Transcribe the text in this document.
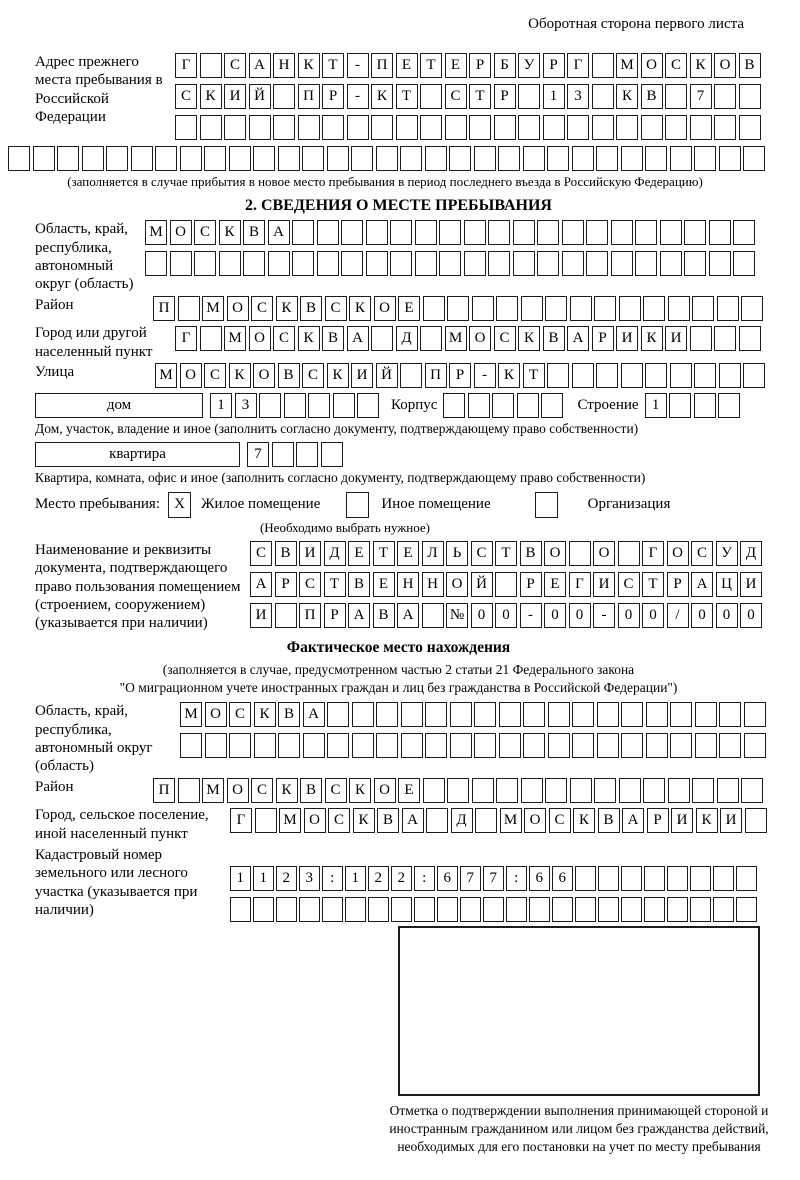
Оборотная сторона первого листа
Адрес прежнего места пребывания в Российской Федерации
Г	С А Н К Т	-	П Е	Т	Е	Р	Б У	Р	Г	М О С К О В
С К И Й	П Р	-	К Т	С Т	Р	1	3	К В	7
(заполняется в случае прибытия в новое место пребывания в период последнего въезда в Российскую Федерацию)
2. СВЕДЕНИЯ О МЕСТЕ ПРЕБЫВАНИЯ
Область, край, республика, автономный округ (область)
М О С К В А
Район	П	М О С К В С К О Е
Город или другой населенный пункт
Г	М О С К В А	Д	М О С К В А Р И К И
Улица	М О С К О В С К И Й	П Р	-	К Т
дом	1	3	Корпус	Строение 1
Дом, участок, владение и иное (заполнить согласно документу, подтверждающему право собственности)
квартира	7
Квартира, комната, офис и иное (заполнить согласно документу, подтверждающему право собственности)
Место пребывания: X	Жилое помещение	Иное помещение	Организация
(Необходимо выбрать нужное)
Наименование и реквизиты документа, подтверждающего право пользования помещением (строением, сооружением) (указывается при наличии)
С В И Д Е	Т	Е Л	Ь	С Т В О	О	Г О С У Д
А Р	С Т В Е Н Н О Й	Р	Е	Г И С Т	Р А Ц И
И	П Р А В А	№ 0	0	-	0	0	-	0	0	/	0	0	0
Фактическое место нахождения
(заполняется в случае, предусмотренном частью 2 статьи 21 Федерального закона
"О миграционном учете иностранных граждан и лиц без гражданства в Российской Федерации")
Область, край, республика, автономный округ (область)
М О С К В А
Район	П	М О С К В С К О Е
Город, сельское поселение, иной населенный пункт
Г	М О С К В А	Д	М О С К В А Р И К И
Кадастровый номер земельного или лесного участка (указывается при наличии)
1	1	2	3	:	1	2	2	:	6	7	7	:	6	6
Отметка о подтверждении выполнения принимающей стороной и иностранным гражданином или лицом без гражданства действий, необходимых для его постановки на учет по месту пребывания
